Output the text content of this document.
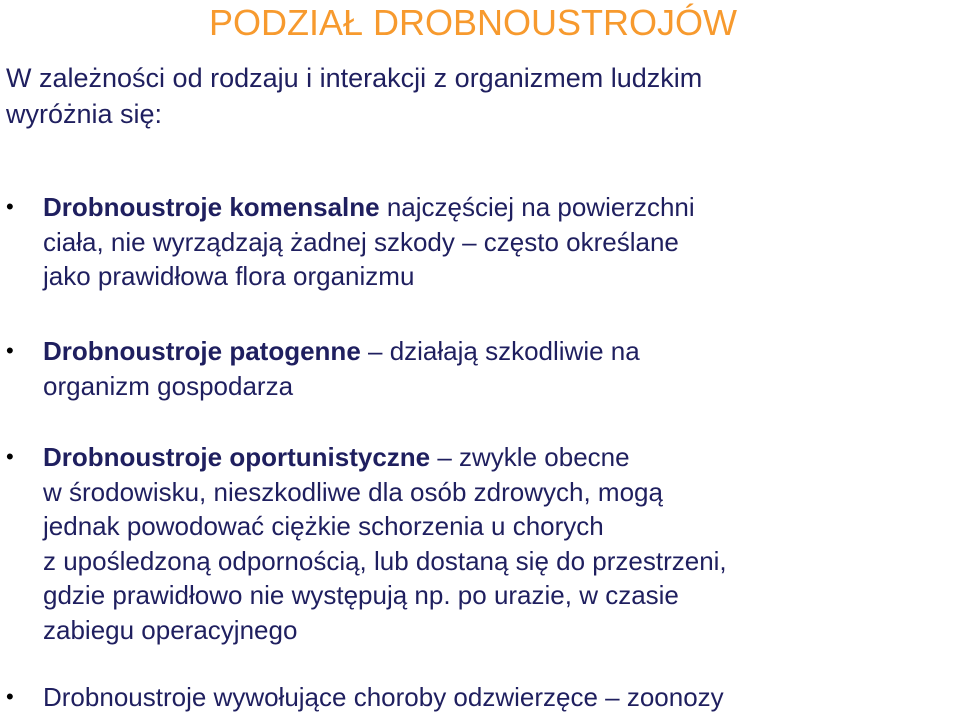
PODZIAŁ DROBNOUSTROJÓW
W zależności od rodzaju i interakcji z organizmem ludzkim
wyróżnia się:
• Drobnoustroje komensalne najczęściej na powierzchni
ciała, nie wyrządzają żadnej szkody – często określane
jako prawidłowa flora organizmu
• Drobnoustroje patogenne – działają szkodliwie na
organizm gospodarza
• Drobnoustroje oportunistyczne – zwykle obecne
w środowisku, nieszkodliwe dla osób zdrowych, mogą
jednak powodować ciężkie schorzenia u chorych
z upośledzoną odpornością, lub dostaną się do przestrzeni,
gdzie prawidłowo nie występują np. po urazie, w czasie
zabiegu operacyjnego
• Drobnoustroje wywołujące choroby odzwierzęce – zoonozy
